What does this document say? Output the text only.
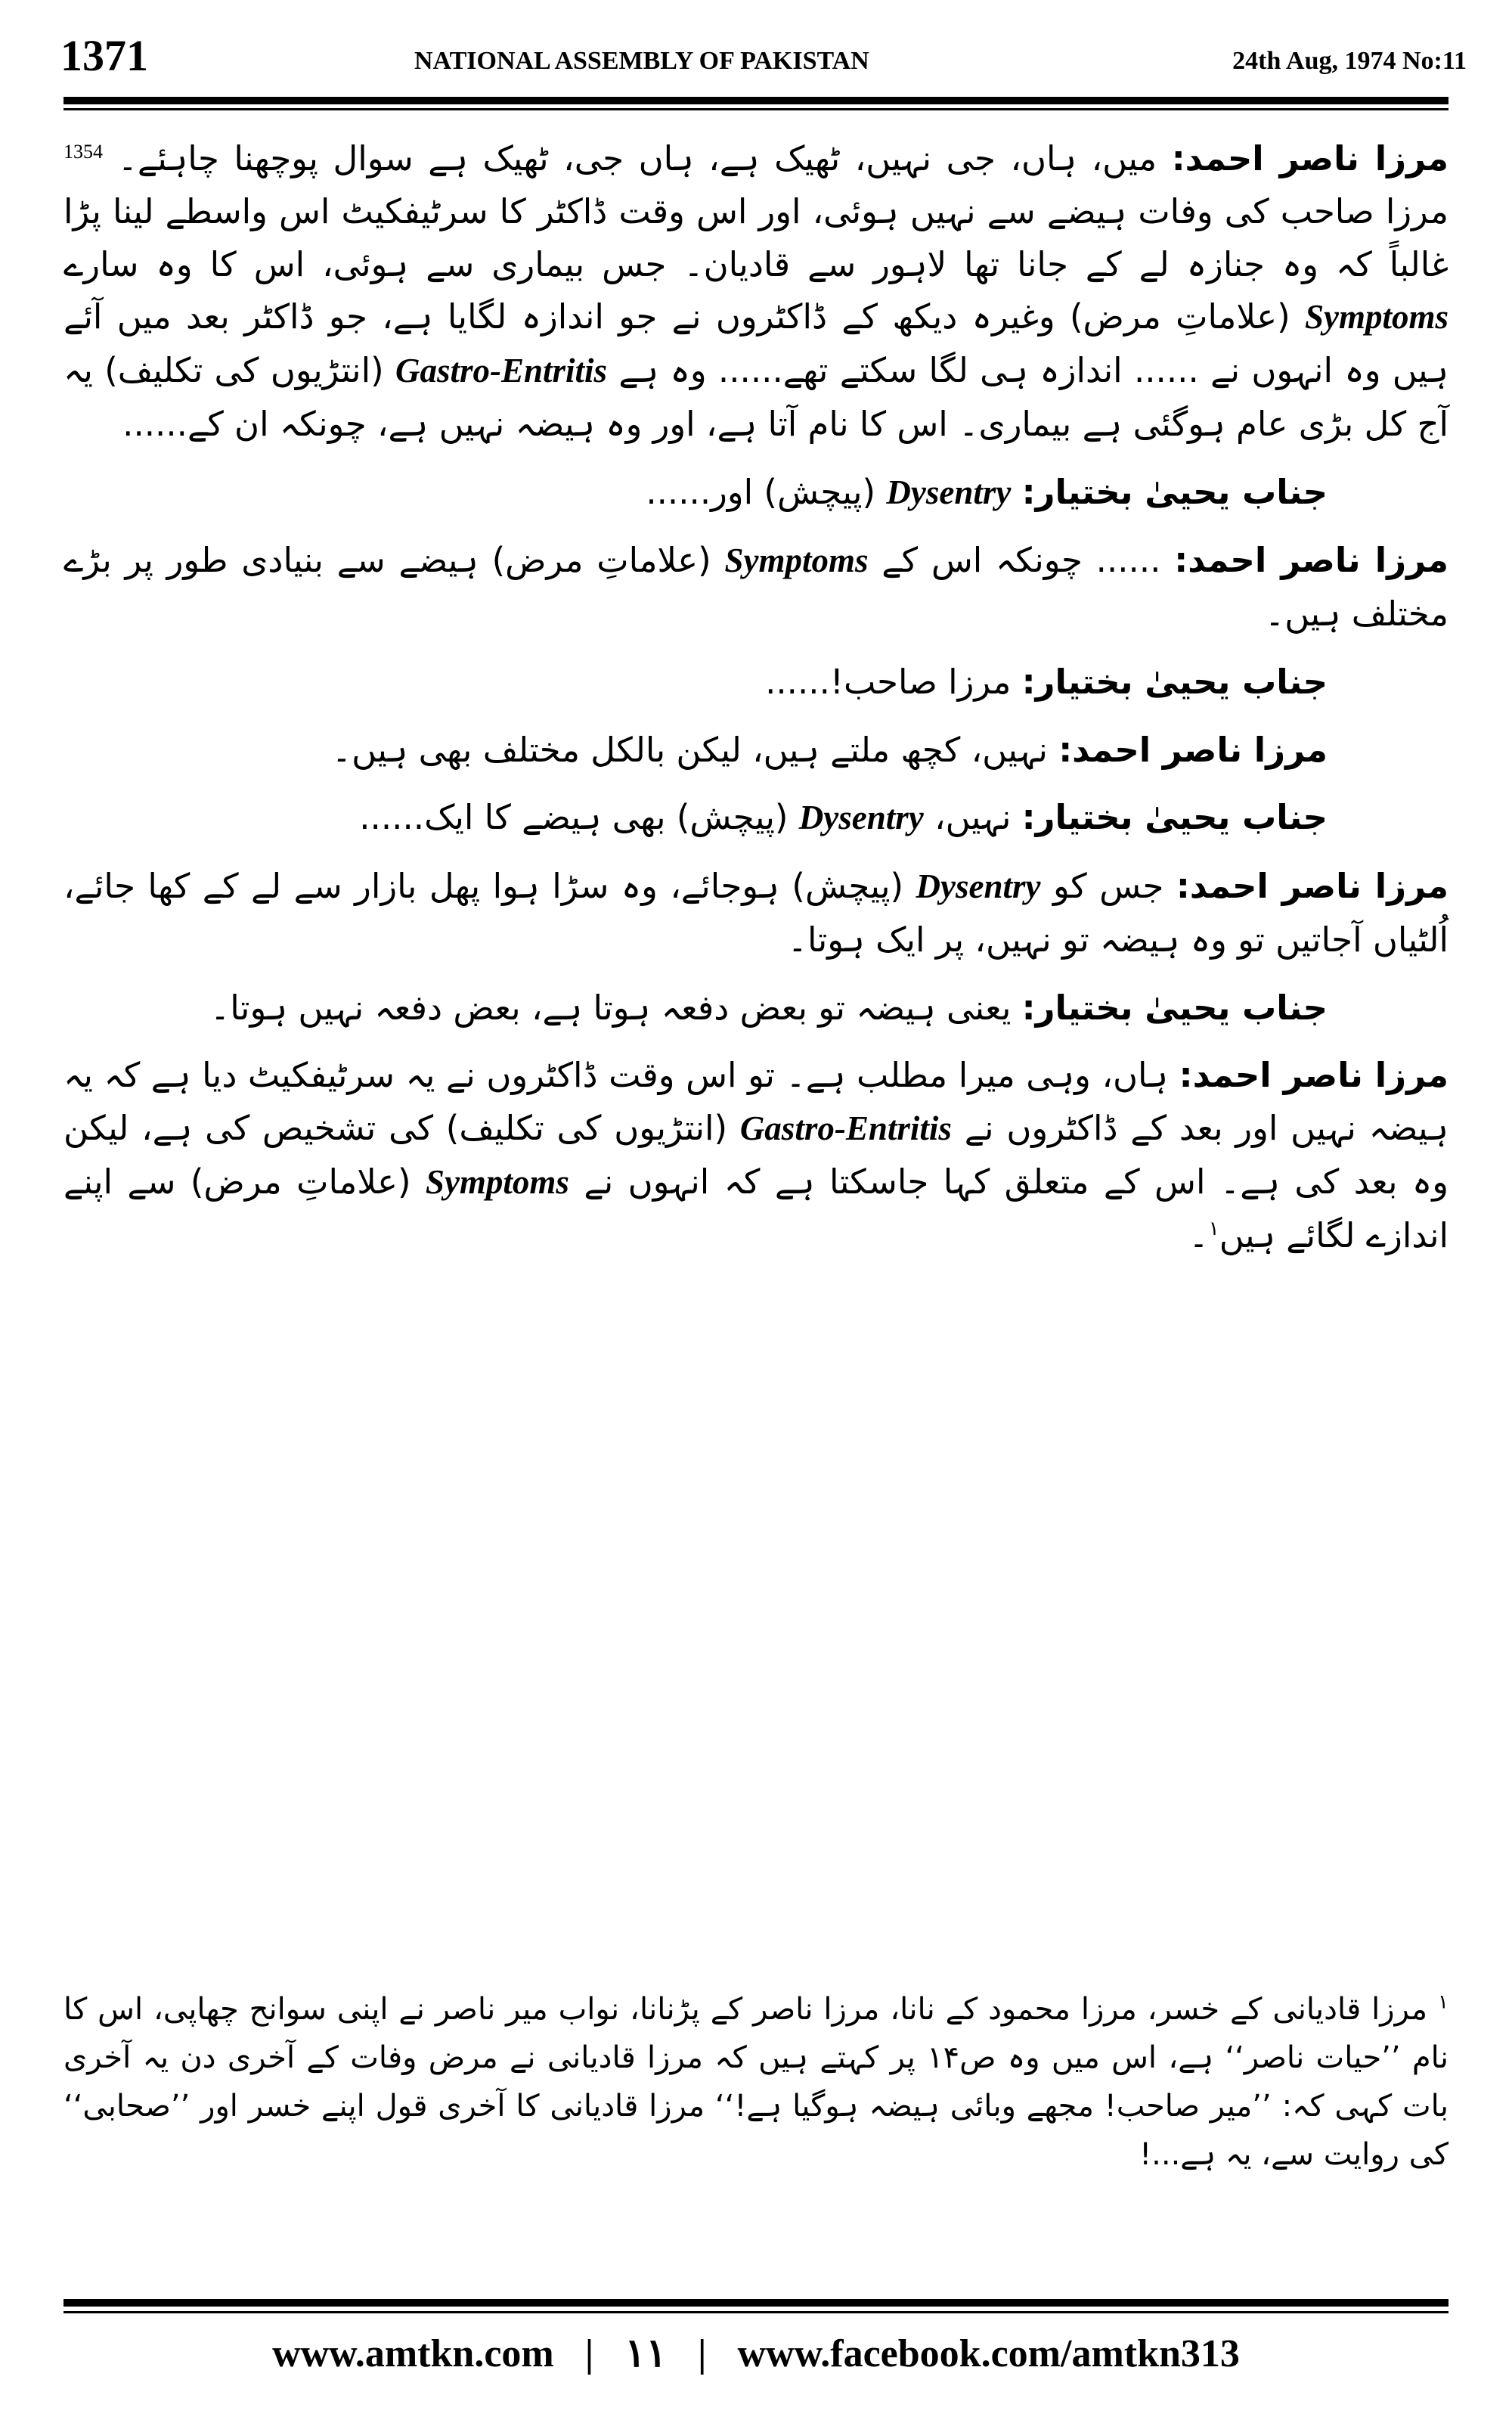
1371	NATIONAL ASSEMBLY OF PAKISTAN	24th Aug, 1974 No:11

مرزا ناصر احمد: میں، ہاں، جی نہیں، ٹھیک ہے، ہاں جی، ٹھیک ہے سوال پوچھنا چاہئے۔ $^{1354}$ مرزا صاحب کی وفات ہیضے سے نہیں ہوئی، اور اس وقت ڈاکٹر کا سرٹیفکیٹ اس واسطے لینا پڑا غالباً کہ وہ جنازہ لے کے جانا تھا لاہور سے قادیان۔ جس بیماری سے ہوئی، اس کا وہ سارے Symptoms (علاماتِ مرض) وغیرہ دیکھ کے ڈاکٹروں نے جو اندازہ لگایا ہے، جو ڈاکٹر بعد میں آئے ہیں وہ انہوں نے ...... اندازہ ہی لگا سکتے تھے...... وہ ہے Gastro-Entritis (انتڑیوں کی تکلیف) یہ آج کل بڑی عام ہوگئی ہے بیماری۔ اس کا نام آتا ہے، اور وہ ہیضہ نہیں ہے، چونکہ ان کے......

جناب یحییٰ بختیار: Dysentry (پیچش) اور......

مرزا ناصر احمد: ...... چونکہ اس کے Symptoms (علاماتِ مرض) ہیضے سے بنیادی طور پر بڑے مختلف ہیں۔

جناب یحییٰ بختیار: مرزا صاحب!......

مرزا ناصر احمد: نہیں، کچھ ملتے ہیں، لیکن بالکل مختلف بھی ہیں۔

جناب یحییٰ بختیار: نہیں، Dysentry (پیچش) بھی ہیضے کا ایک......

مرزا ناصر احمد: جس کو Dysentry (پیچش) ہوجائے، وہ سڑا ہوا پھل بازار سے لے کے کھا جائے، اُلٹیاں آجاتیں تو وہ ہیضہ تو نہیں، پر ایک ہوتا۔

جناب یحییٰ بختیار: یعنی ہیضہ تو بعض دفعہ ہوتا ہے، بعض دفعہ نہیں ہوتا۔

مرزا ناصر احمد: ہاں، وہی میرا مطلب ہے۔ تو اس وقت ڈاکٹروں نے یہ سرٹیفکیٹ دیا ہے کہ یہ ہیضہ نہیں اور بعد کے ڈاکٹروں نے Gastro-Entritis (انتڑیوں کی تکلیف) کی تشخیص کی ہے، لیکن وہ بعد کی ہے۔ اس کے متعلق کہا جاسکتا ہے کہ انہوں نے Symptoms (علاماتِ مرض) سے اپنے اندازے لگائے ہیں$^۱$۔

$^۱$ مرزا قادیانی کے خسر، مرزا محمود کے نانا، مرزا ناصر کے پڑنانا، نواب میر ناصر نے اپنی سوانح چھاپی، اس کا نام ’’حیات ناصر‘‘ ہے، اس میں وہ ص۱۴ پر کہتے ہیں کہ مرزا قادیانی نے مرض وفات کے آخری دن یہ آخری بات کہی کہ: ’’میر صاحب! مجھے وبائی ہیضہ ہوگیا ہے!‘‘ مرزا قادیانی کا آخری قول اپنے خسر اور ’’صحابی‘‘ کی روایت سے، یہ ہے...!

www.amtkn.com | ۱۱ | www.facebook.com/amtkn313
